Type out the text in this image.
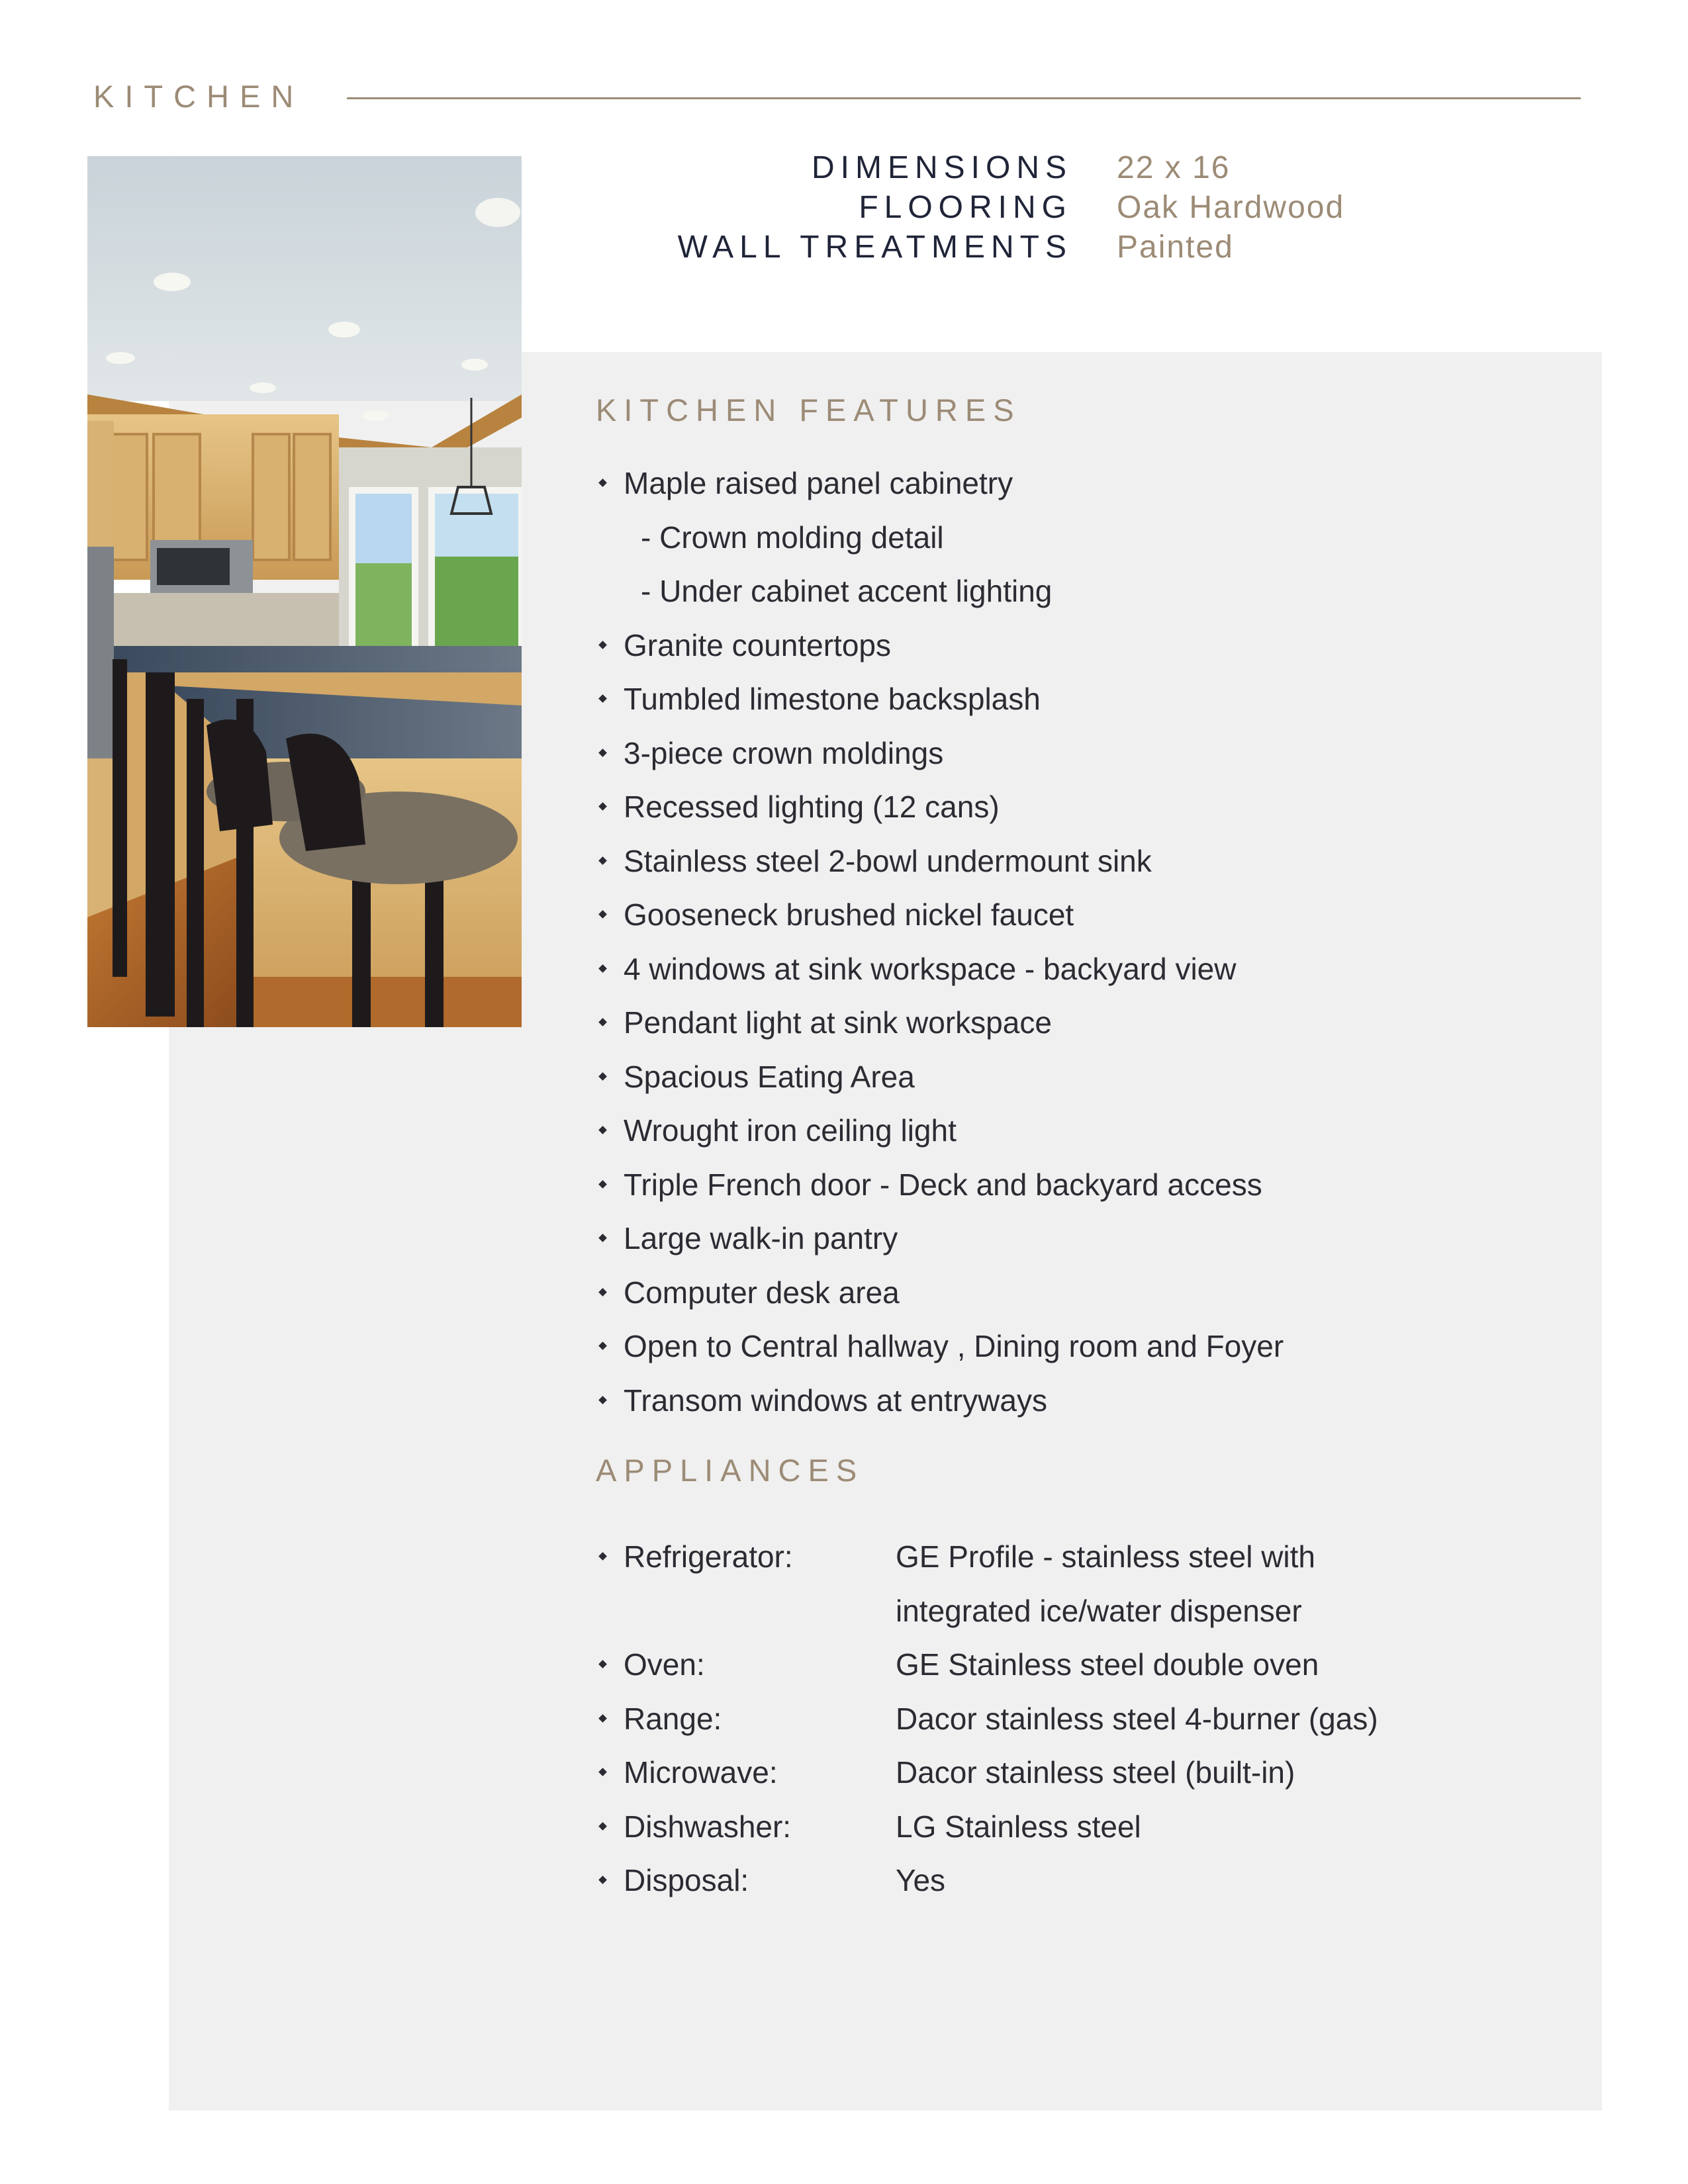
KITCHEN
DIMENSIONS 22 x 16
FLOORING Oak Hardwood
WALL TREATMENTS Painted
KITCHEN FEATURES
Maple raised panel cabinetry
- Crown molding detail
- Under cabinet accent lighting
Granite countertops
Tumbled limestone backsplash
3-piece crown moldings
Recessed lighting (12 cans)
Stainless steel 2-bowl undermount sink
Gooseneck brushed nickel faucet
4 windows at sink workspace - backyard view
Pendant light at sink workspace
Spacious Eating Area
Wrought iron ceiling light
Triple French door - Deck and backyard access
Large walk-in pantry
Computer desk area
Open to Central hallway , Dining room and Foyer
Transom windows at entryways
APPLIANCES
Refrigerator:	GE Profile - stainless steel with
integrated ice/water dispenser
Oven:	GE Stainless steel double oven
Range:	Dacor stainless steel 4-burner (gas)
Microwave:	Dacor stainless steel (built-in)
Dishwasher:	LG Stainless steel
Disposal:	Yes
